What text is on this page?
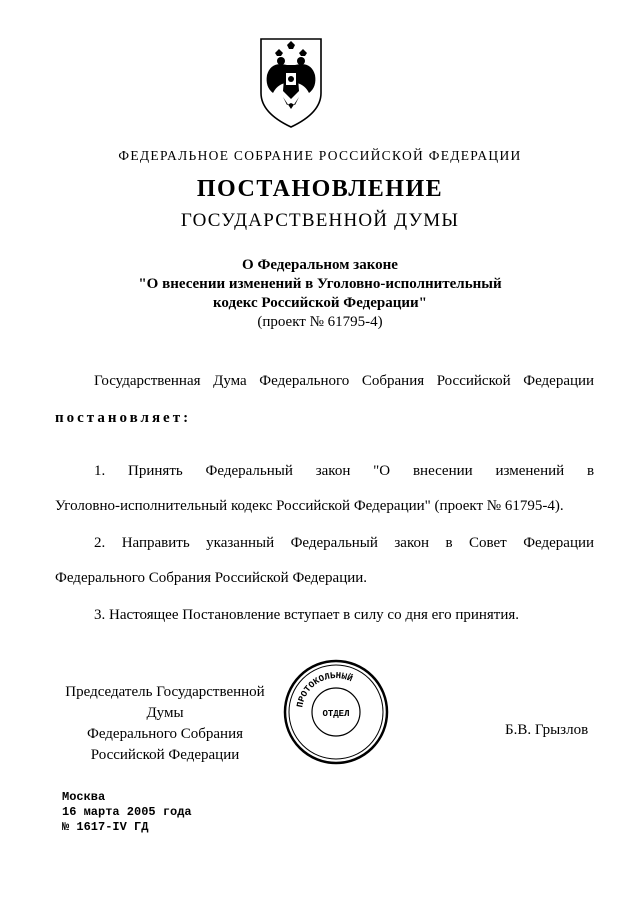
ФЕДЕРАЛЬНОЕ СОБРАНИЕ РОССИЙСКОЙ ФЕДЕРАЦИИ
ПОСТАНОВЛЕНИЕ
ГОСУДАРСТВЕННОЙ ДУМЫ
О Федеральном законе
"О внесении изменений в Уголовно-исполнительный
кодекс Российской Федерации"
(проект № 61795-4)
Государственная Дума Федерального Собрания Российской Федерации
постановляет:
1. Принять Федеральный закон "О внесении изменений в
Уголовно-исполнительный кодекс Российской Федерации" (проект № 61795-4).
2. Направить указанный Федеральный закон в Совет Федерации
Федерального Собрания Российской Федерации.
3. Настоящее Постановление вступает в силу со дня его принятия.
Председатель Государственной Думы
Федерального Собрания
Российской Федерации
ПРОТОКОЛЬНЫЙ
ОТДЕЛ
Б.В. Грызлов
Москва
16 марта 2005 года
№ 1617-IV ГД
